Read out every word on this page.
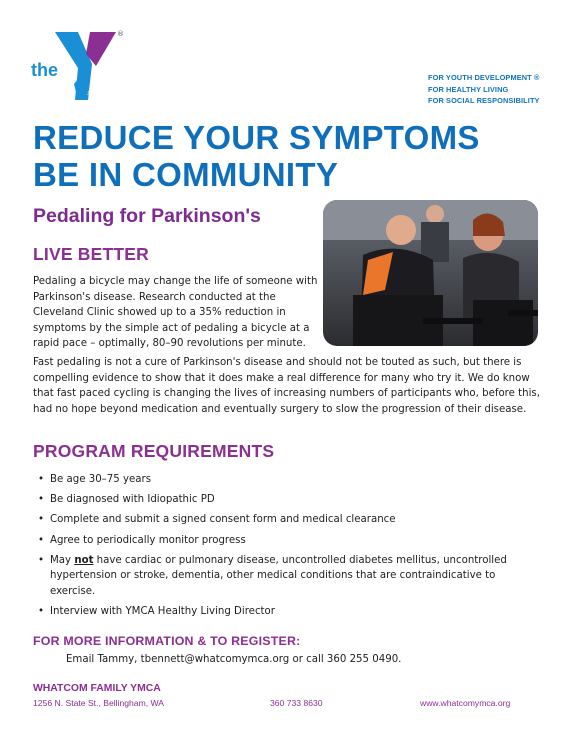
YMCA
the
®
FOR YOUTH DEVELOPMENT ®
FOR HEALTHY LIVING
FOR SOCIAL RESPONSIBILITY
REDUCE YOUR SYMPTOMS
BE IN COMMUNITY
Pedaling for Parkinson's
LIVE BETTER
Pedaling a bicycle may change the life of someone with Parkinson's disease. Research conducted at the Cleveland Clinic showed up to a 35% reduction in symptoms by the simple act of pedaling a bicycle at a rapid pace – optimally, 80–90 revolutions per minute.
Fast pedaling is not a cure of Parkinson's disease and should not be touted as such, but there is compelling evidence to show that it does make a real difference for many who try it. We do know that fast paced cycling is changing the lives of increasing numbers of participants who, before this, had no hope beyond medication and eventually surgery to slow the progression of their disease.
PROGRAM REQUIREMENTS
• Be age 30–75 years
• Be diagnosed with Idiopathic PD
• Complete and submit a signed consent form and medical clearance
• Agree to periodically monitor progress
• May not have cardiac or pulmonary disease, uncontrolled diabetes mellitus, uncontrolled hypertension or stroke, dementia, other medical conditions that are contraindicative to exercise.
• Interview with YMCA Healthy Living Director
FOR MORE INFORMATION & TO REGISTER:
Email Tammy, tbennett@whatcomymca.org or call 360 255 0490.
WHATCOM FAMILY YMCA
1256 N. State St., Bellingham, WA	360 733 8630	www.whatcomymca.org
